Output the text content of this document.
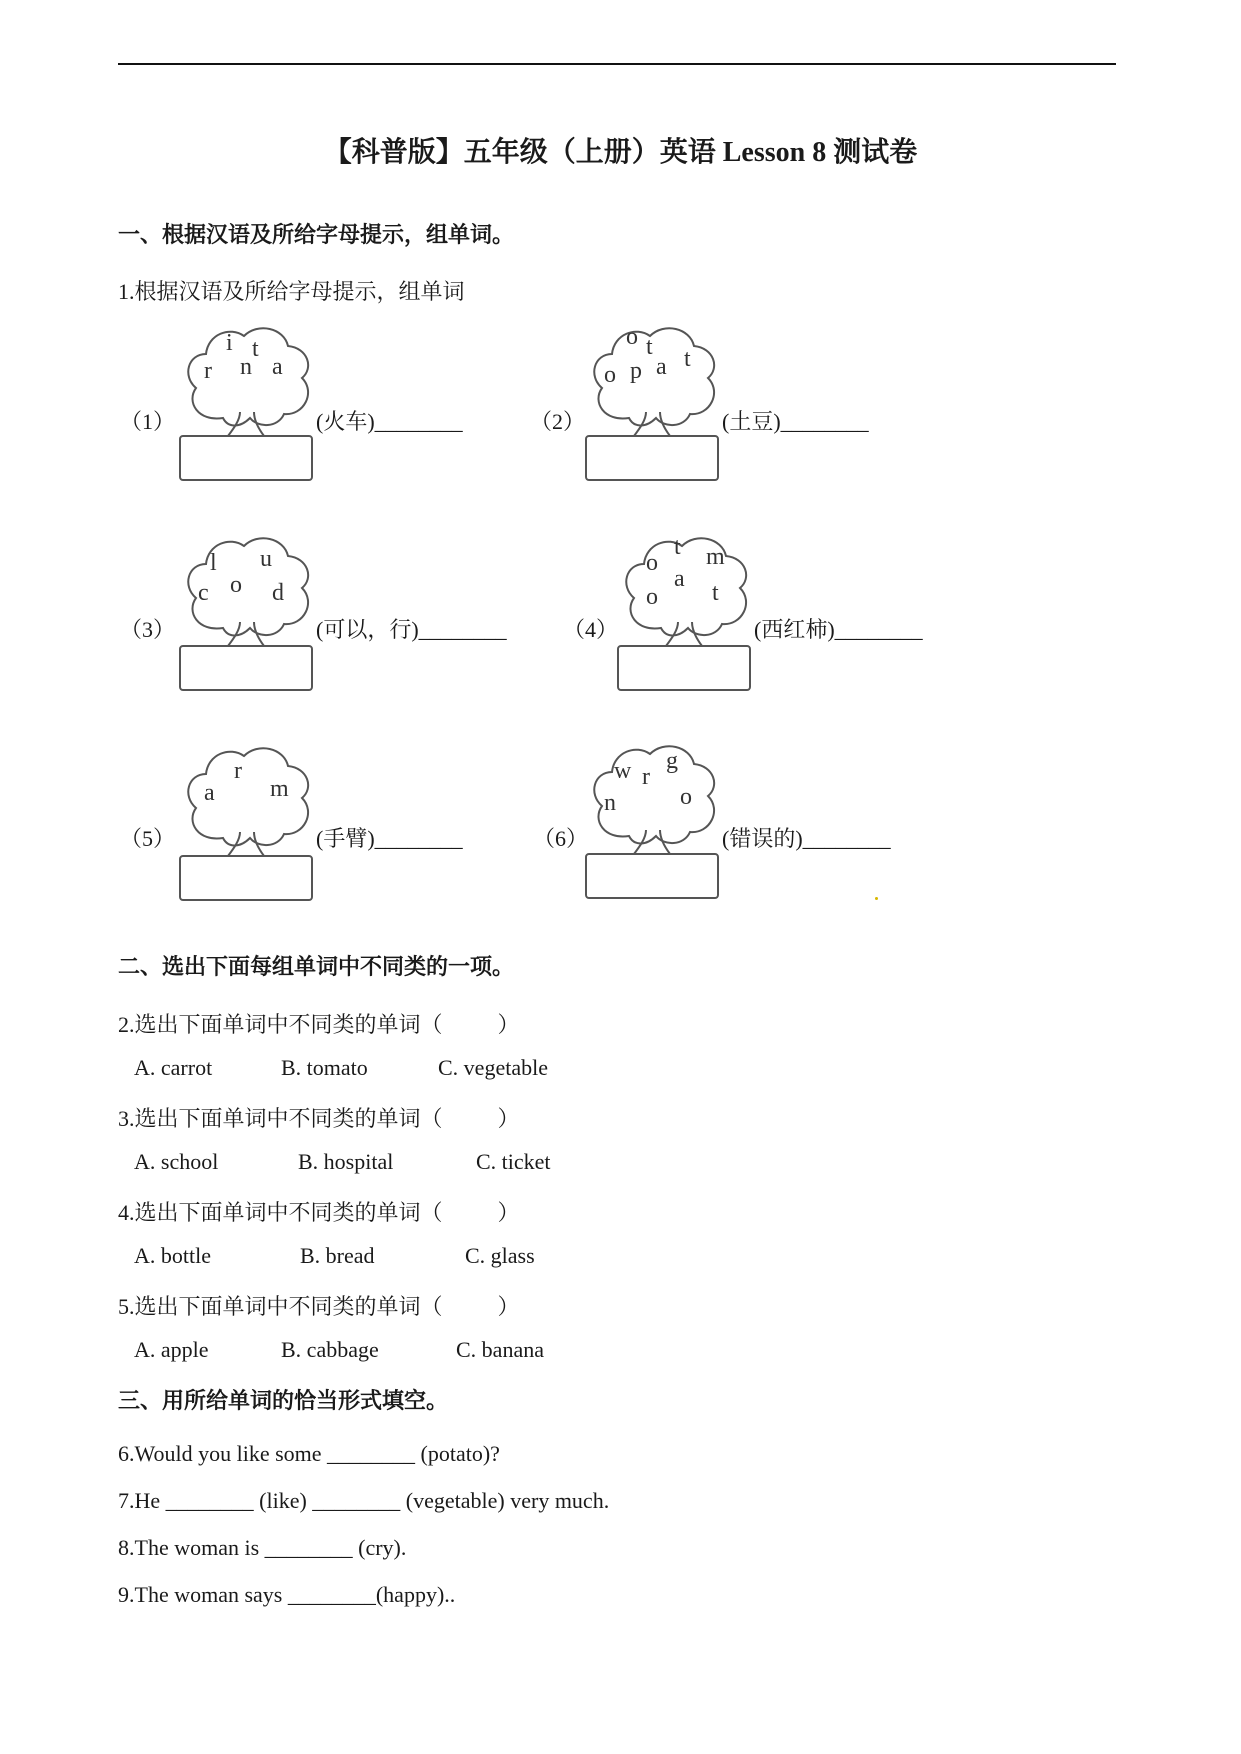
【科普版】五年级（上册）英语 Lesson 8 测试卷
一、根据汉语及所给字母提示，组单词。
1.根据汉语及所给字母提示，组单词
（1）
i t
r n a
(火车)________	（2）
o t
o p a t
(土豆)________
（3）
l u
o
c	d
(可以，行)________	（4）
t m
o
a
o t
(西红柿)________
（5）
r
a m
(手臂)________	（6）
g
w r
n	o
(错误的)________
二、选出下面每组单词中不同类的一项。
2.选出下面单词中不同类的单词（          ）
A. carrot	B. tomato	C. vegetable
3.选出下面单词中不同类的单词（          ）
A. school	B. hospital	C. ticket
4.选出下面单词中不同类的单词（          ）
A. bottle	B. bread	C. glass
5.选出下面单词中不同类的单词（          ）
A. apple	B. cabbage	C. banana
三、用所给单词的恰当形式填空。
6.Would you like some ________ (potato)?
7.He ________ (like) ________ (vegetable) very much.
8.The woman is ________ (cry).
9.The woman says ________(happy)..
